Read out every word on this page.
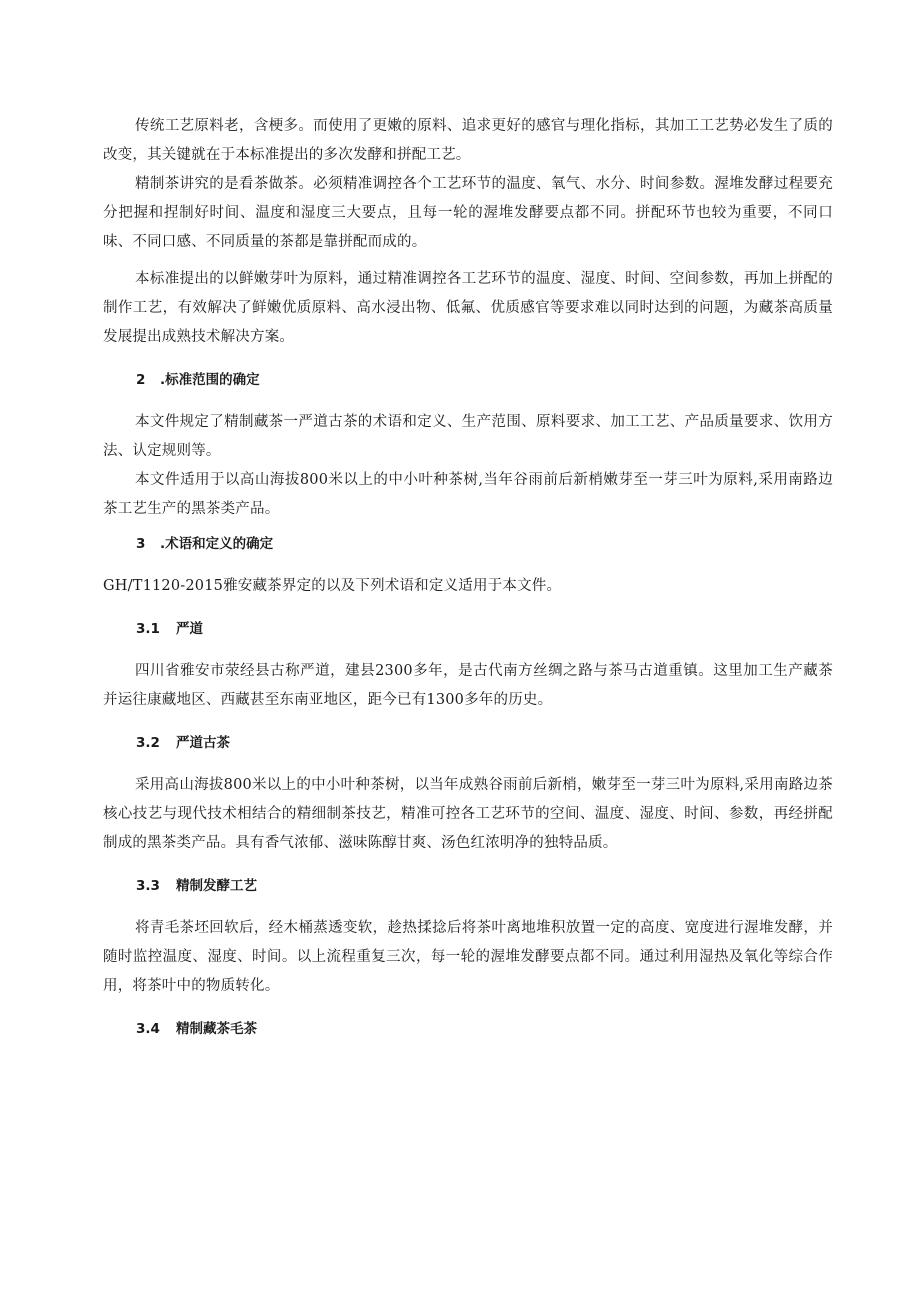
传统工艺原料老，含梗多。而使用了更嫩的原料、追求更好的感官与理化指标，其加工工艺势必发生了质的改变，其关键就在于本标准提出的多次发酵和拼配工艺。

精制茶讲究的是看茶做茶。必须精准调控各个工艺环节的温度、氧气、水分、时间参数。渥堆发酵过程要充分把握和捏制好时间、温度和湿度三大要点，且每一轮的渥堆发酵要点都不同。拼配环节也较为重要，不同口味、不同口感、不同质量的茶都是靠拼配而成的。

本标准提出的以鲜嫩芽叶为原料，通过精准调控各工艺环节的温度、湿度、时间、空间参数，再加上拼配的制作工艺，有效解决了鲜嫩优质原料、高水浸出物、低氟、优质感官等要求难以同时达到的问题，为藏茶高质量发展提出成熟技术解决方案。

2 .标准范围的确定

本文件规定了精制藏茶一严道古茶的术语和定义、生产范围、原料要求、加工工艺、产品质量要求、饮用方法、认定规则等。

本文件适用于以高山海拔800米以上的中小叶种茶树,当年谷雨前后新梢嫩芽至一芽三叶为原料,采用南路边茶工艺生产的黑茶类产品。

3 .术语和定义的确定

GH/T1120-2015雅安藏茶界定的以及下列术语和定义适用于本文件。

3.1 严道

四川省雅安市荥经县古称严道，建县2300多年，是古代南方丝绸之路与茶马古道重镇。这里加工生产藏茶并运往康藏地区、西藏甚至东南亚地区，距今已有1300多年的历史。

3.2 严道古茶

采用高山海拔800米以上的中小叶种茶树，以当年成熟谷雨前后新梢，嫩芽至一芽三叶为原料,采用南路边茶核心技艺与现代技术相结合的精细制茶技艺，精准可控各工艺环节的空间、温度、湿度、时间、参数，再经拼配制成的黑茶类产品。具有香气浓郁、滋味陈醇甘爽、汤色红浓明净的独特品质。

3.3 精制发酵工艺

将青毛茶坯回软后，经木桶蒸透变软，趁热揉捻后将茶叶离地堆积放置一定的高度、宽度进行渥堆发酵，并随时监控温度、湿度、时间。以上流程重复三次，每一轮的渥堆发酵要点都不同。通过利用湿热及氧化等综合作用，将茶叶中的物质转化。

3.4 精制藏茶毛茶
